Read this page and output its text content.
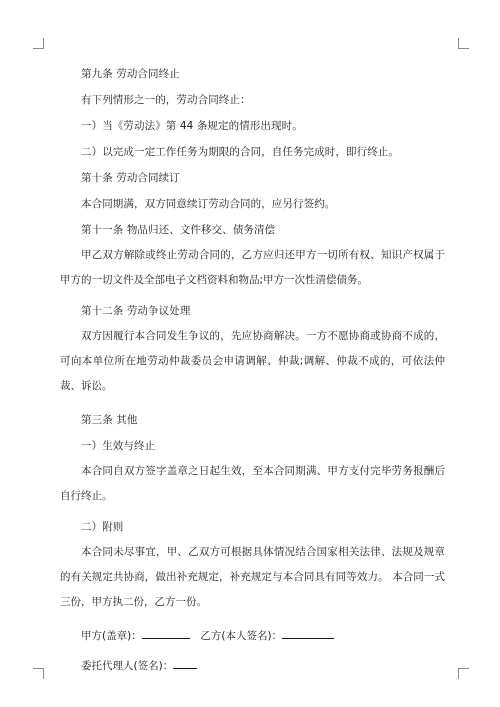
第九条 劳动合同终止
有下列情形之一的，劳动合同终止：
一）当《劳动法》第 44 条规定的情形出现时。
二）以完成一定工作任务为期限的合同，自任务完成时，即行终止。
第十条 劳动合同续订
本合同期满，双方同意续订劳动合同的，应另行签约。
第十一条 物品归还、文件移交、债务清偿

甲乙双方解除或终止劳动合同的，乙方应归还甲方一切所有权、知识产权属于甲方的一切文件及全部电子文档资料和物品;甲方一次性清偿债务。

第十二条 劳动争议处理

双方因履行本合同发生争议的，先应协商解决。一方不愿协商或协商不成的，可向本单位所在地劳动仲裁委员会申请调解、仲裁;调解、仲裁不成的，可依法仲裁、诉讼。

第三条 其他
一）生效与终止

本合同自双方签字盖章之日起生效，至本合同期满、甲方支付完毕劳务报酬后自行终止。

二）附则

本合同未尽事宜，甲、乙双方可根据具体情况结合国家相关法律、法规及规章的有关规定共协商，做出补充规定，补充规定与本合同具有同等效力。 本合同一式三份，甲方执二份，乙方一份。

甲方(盖章)：	乙方(本人签名)：
委托代理人(签名)：
